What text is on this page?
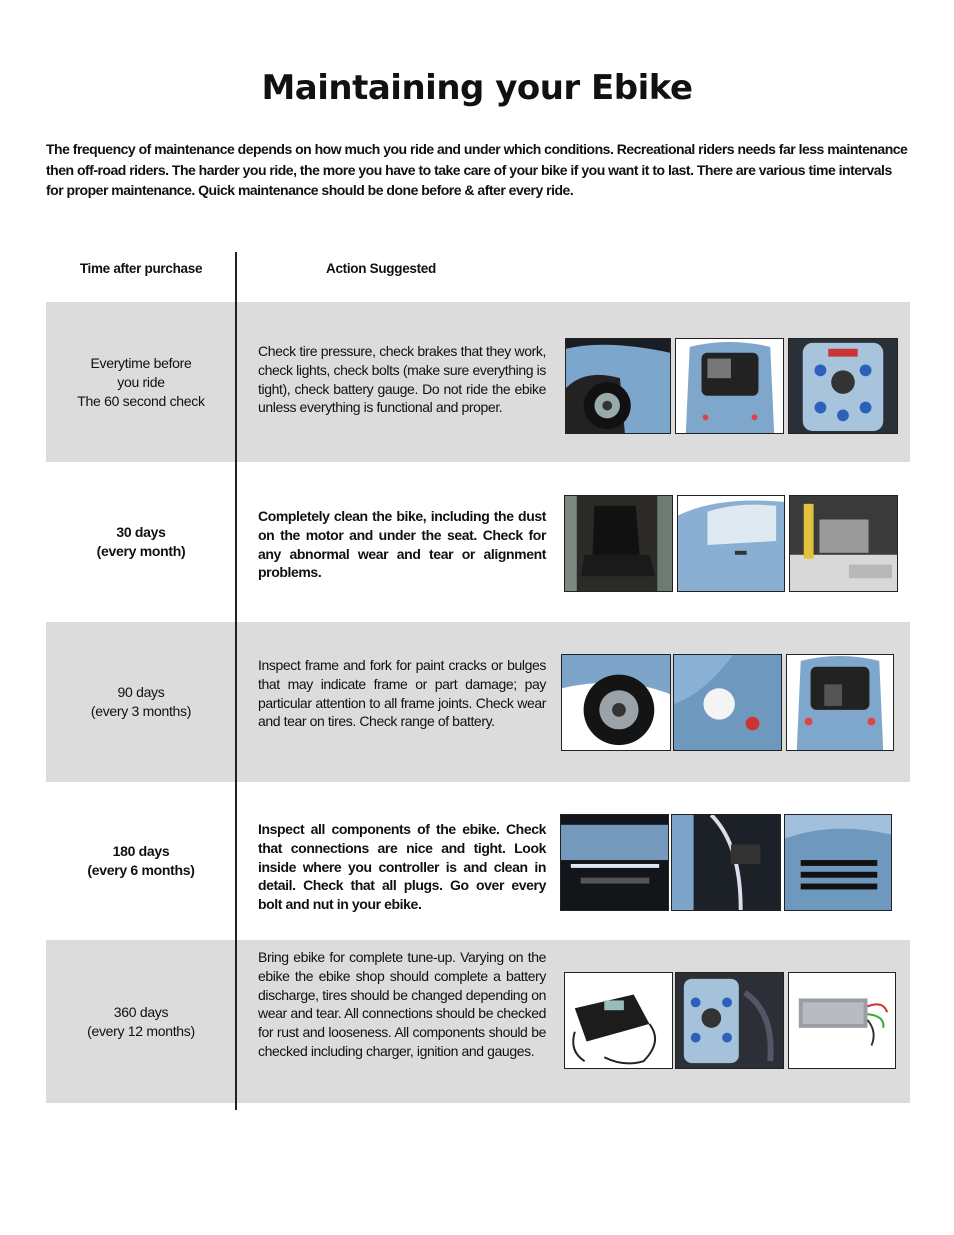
Maintaining your Ebike
The frequency of maintenance depends on how much you ride and under which conditions. Recreational riders needs far less maintenance then off-road riders. The harder you ride, the more you have to take care of your bike if you want it to last. There are various time intervals for proper maintenance. Quick maintenance should be done before & after every ride.
Time after purchase	Action Suggested
Everytime before
you ride
The 60 second check
Check tire pressure, check brakes that they work, check lights, check bolts (make sure everything is tight), check battery gauge. Do not ride the ebike unless everything is functional and proper.
30 days
(every month)
Completely clean the bike, including the dust on the motor and under the seat. Check for any abnormal wear and tear or alignment problems.
90 days
(every 3 months)
Inspect frame and fork for paint cracks or bulges that may indicate frame or part damage; pay particular attention to all frame joints. Check wear and tear on tires. Check range of battery.
180 days
(every 6 months)
Inspect all components of the ebike. Check that connections are nice and tight. Look inside where you controller is and clean in detail. Check that all plugs. Go over every bolt and nut in your ebike.
360 days
(every 12 months)
Bring ebike for complete tune-up. Varying on the ebike the ebike shop should complete a battery discharge, tires should be changed depending on wear and tear. All connections should be checked for rust and looseness. All components should be checked including charger, ignition and gauges.
